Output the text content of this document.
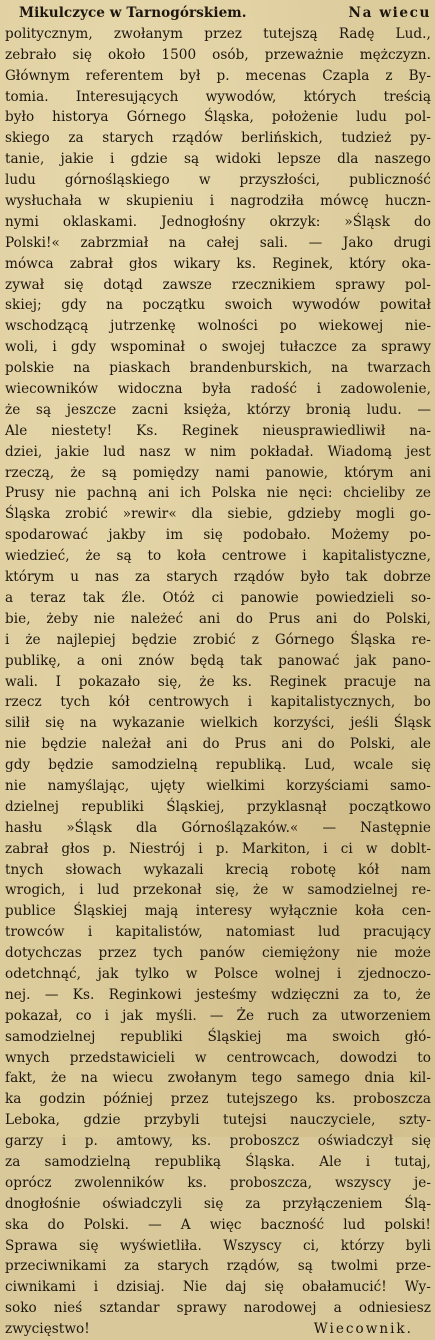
Mikulczyce w Tarnogórskiem.	Na wiecu
politycznym, zwołanym przez tutejszą Radę Lud.,
zebrało się około 1500 osób, przeważnie mężczyzn.
Głównym referentem był p. mecenas Czapla z By-
tomia. Interesujących wywodów, których treścią
było historya Górnego Śląska, położenie ludu pol-
skiego za starych rządów berlińskich, tudzież py-
tanie, jakie i gdzie są widoki lepsze dla naszego
ludu górnośląskiego w przyszłości, publiczność
wysłuchała w skupieniu i nagrodziła mówcę huczn-
nymi oklaskami. Jednogłośny okrzyk: »Śląsk do
Polski!« zabrzmiał na całej sali. — Jako drugi
mówca zabrał głos wikary ks. Reginek, który oka-
zywał się dotąd zawsze rzecznikiem sprawy pol-
skiej; gdy na początku swoich wywodów powitał
wschodzącą jutrzenkę wolności po wiekowej nie-
woli, i gdy wspominał o swojej tułaczce za sprawy
polskie na piaskach brandenburskich, na twarzach
wiecowników widoczna była radość i zadowolenie,
że są jeszcze zacni księża, którzy bronią ludu. —
Ale niestety! Ks. Reginek nieusprawiedliwił na-
dziei, jakie lud nasz w nim pokładał. Wiadomą jest
rzeczą, że są pomiędzy nami panowie, którym ani
Prusy nie pachną ani ich Polska nie nęci: chcieliby ze
Śląska zrobić »rewir« dla siebie, gdzieby mogli go-
spodarować jakby im się podobało. Możemy po-
wiedzieć, że są to koła centrowe i kapitalistyczne,
którym u nas za starych rządów było tak dobrze
a teraz tak źle. Otóż ci panowie powiedzieli so-
bie, żeby nie należeć ani do Prus ani do Polski,
i że najlepiej będzie zrobić z Górnego Śląska re-
publikę, a oni znów będą tak panować jak pano-
wali. I pokazało się, że ks. Reginek pracuje na
rzecz tych kół centrowych i kapitalistycznych, bo
silił się na wykazanie wielkich korzyści, jeśli Śląsk
nie będzie należał ani do Prus ani do Polski, ale
gdy będzie samodzielną republiką. Lud, wcale się
nie namyślając, ujęty wielkimi korzyściami samo-
dzielnej republiki Śląskiej, przyklasnął początkowo
hasłu »Śląsk dla Górnoślązaków.« — Następnie
zabrał głos p. Niestrój i p. Markiton, i ci w doblt-
tnych słowach wykazali krecią robotę kół nam
wrogich, i lud przekonał się, że w samodzielnej re-
publice Śląskiej mają interesy wyłącznie koła cen-
trowców i kapitalistów, natomiast lud pracujący
dotychczas przez tych panów ciemiężony nie może
odetchnąć, jak tylko w Polsce wolnej i zjednoczo-
nej. — Ks. Reginkowi jesteśmy wdzięczni za to, że
pokazał, co i jak myśli. — Że ruch za utworzeniem
samodzielnej republiki Śląskiej ma swoich głó-
wnych przedstawicieli w centrowcach, dowodzi to
fakt, że na wiecu zwołanym tego samego dnia kil-
ka godzin później przez tutejszego ks. proboszcza
Leboka, gdzie przybyli tutejsi nauczyciele, szty-
garzy i p. amtowy, ks. proboszcz oświadczył się
za samodzielną republiką Śląska. Ale i tutaj,
oprócz zwolenników ks. proboszcza, wszyscy je-
dnogłośnie oświadczyli się za przyłączeniem Ślą-
ska do Polski. — A więc baczność lud polski!
Sprawa się wyświetliła. Wszyscy ci, którzy byli
przeciwnikami za starych rządów, są twolmi prze-
ciwnikami i dzisiaj. Nie daj się obałamucić! Wy-
soko nieś sztandar sprawy narodowej a odniesiesz
zwycięstwo!	Wiecownik.
